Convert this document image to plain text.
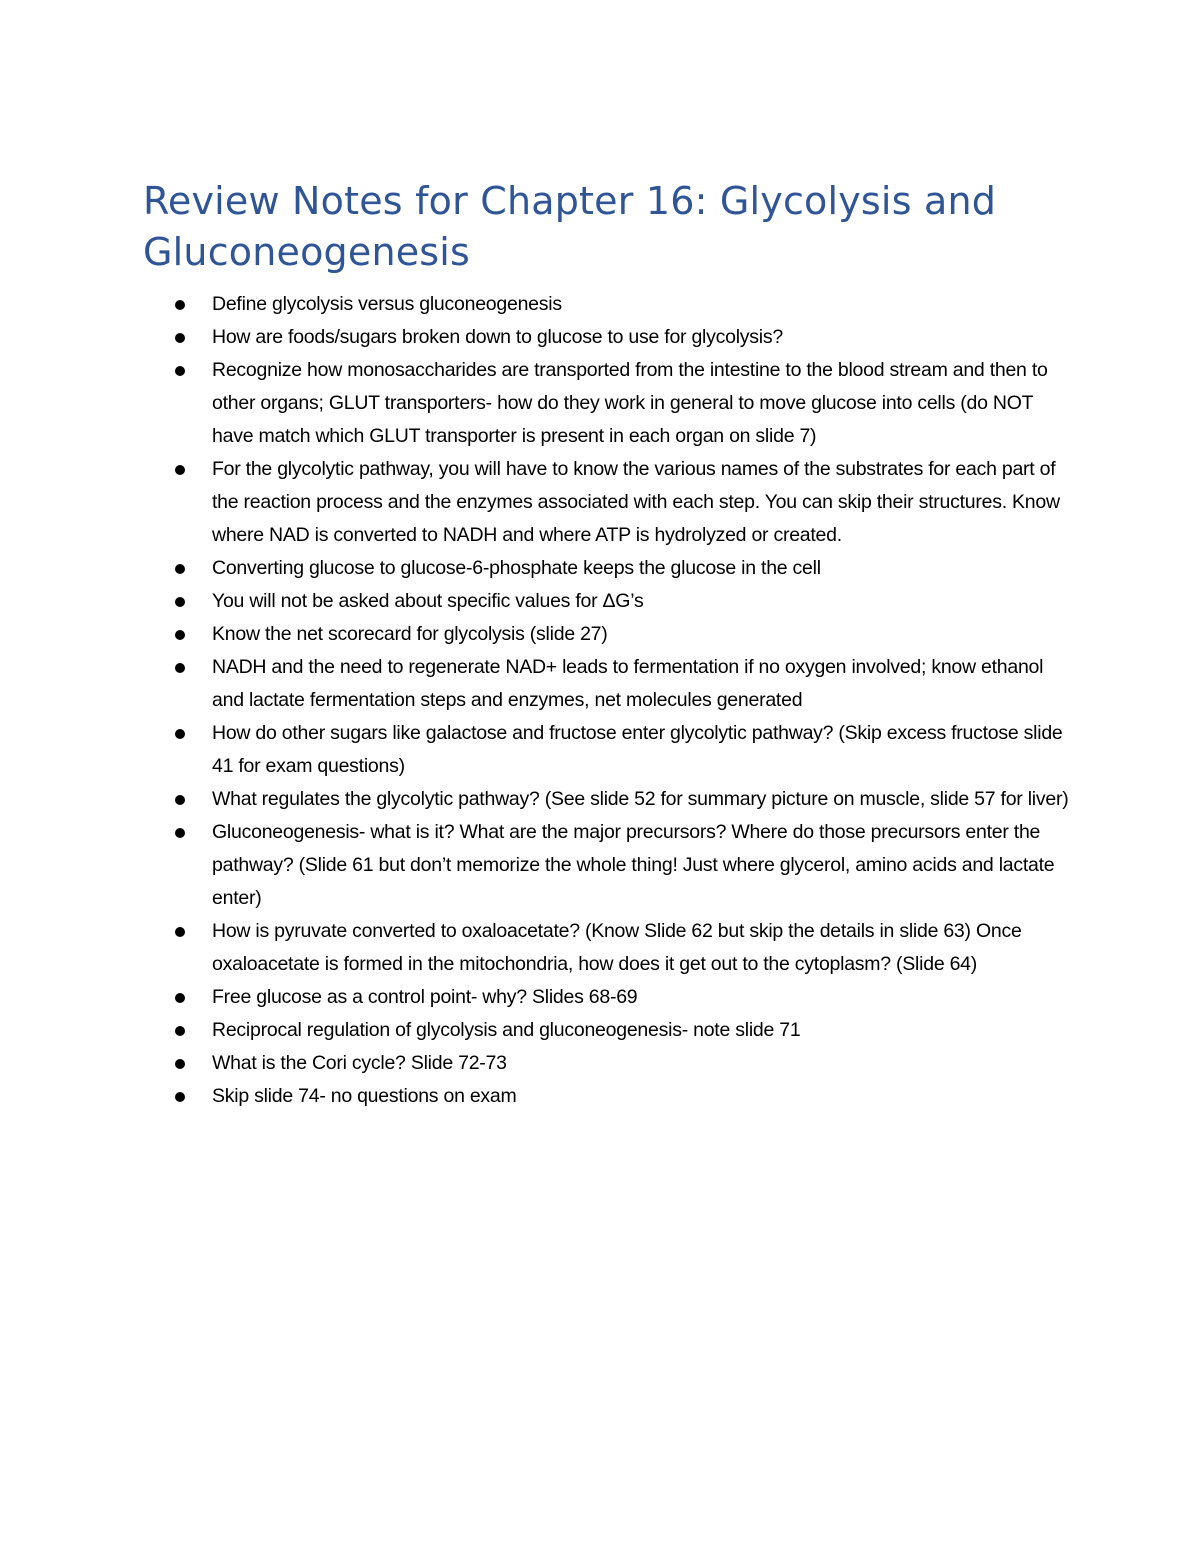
Review Notes for Chapter 16: Glycolysis and Gluconeogenesis
Define glycolysis versus gluconeogenesis
How are foods/sugars broken down to glucose to use for glycolysis?
Recognize how monosaccharides are transported from the intestine to the blood stream and then to other organs; GLUT transporters- how do they work in general to move glucose into cells (do NOT have match which GLUT transporter is present in each organ on slide 7)
For the glycolytic pathway, you will have to know the various names of the substrates for each part of the reaction process and the enzymes associated with each step. You can skip their structures. Know where NAD is converted to NADH and where ATP is hydrolyzed or created.
Converting glucose to glucose-6-phosphate keeps the glucose in the cell
You will not be asked about specific values for ΔG’s
Know the net scorecard for glycolysis (slide 27)
NADH and the need to regenerate NAD+ leads to fermentation if no oxygen involved; know ethanol and lactate fermentation steps and enzymes, net molecules generated
How do other sugars like galactose and fructose enter glycolytic pathway? (Skip excess fructose slide 41 for exam questions)
What regulates the glycolytic pathway? (See slide 52 for summary picture on muscle, slide 57 for liver)
Gluconeogenesis- what is it? What are the major precursors? Where do those precursors enter the pathway? (Slide 61 but don’t memorize the whole thing! Just where glycerol, amino acids and lactate enter)
How is pyruvate converted to oxaloacetate? (Know Slide 62 but skip the details in slide 63) Once oxaloacetate is formed in the mitochondria, how does it get out to the cytoplasm? (Slide 64)
Free glucose as a control point- why? Slides 68-69
Reciprocal regulation of glycolysis and gluconeogenesis- note slide 71
What is the Cori cycle? Slide 72-73
Skip slide 74- no questions on exam
